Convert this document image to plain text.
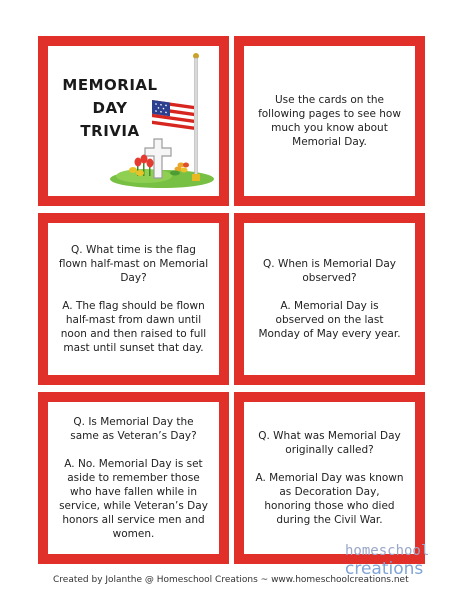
MEMORIAL
DAY
TRIVIA

Use the cards on the following pages to see how much you know about Memorial Day.

Q. What time is the flag flown half-mast on Memorial Day?

A. The flag should be flown half-mast from dawn until noon and then raised to full mast until sunset that day.

Q. When is Memorial Day observed?

A. Memorial Day is observed on the last Monday of May every year.

Q. Is Memorial Day the same as Veteran’s Day?

A. No. Memorial Day is set aside to remember those who have fallen while in service, while Veteran’s Day honors all service men and women.

Q. What was Memorial Day originally called?

A. Memorial Day was known as Decoration Day, honoring those who died during the Civil War.

Created by Jolanthe @ Homeschool Creations ~ www.homeschoolcreations.net
homeschool
creations
